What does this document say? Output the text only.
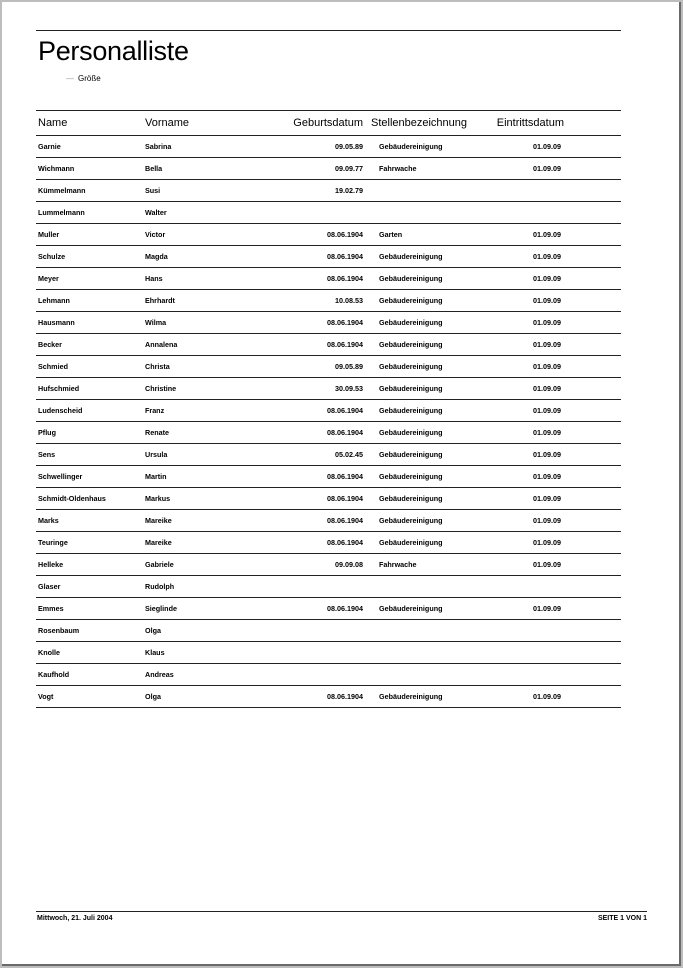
Personalliste
— Größe
Name	Vorname	Geburtsdatum Stellenbezeichnung	Eintrittsdatum
Garnie	Sabrina	09.05.89	Gebäudereinigung	01.09.09
Wichmann	Bella	09.09.77	Fahrwache	01.09.09
Kümmelmann	Susi	19.02.79
Lummelmann	Walter
Muller	Victor	08.06.1904	Garten	01.09.09
Schulze	Magda	08.06.1904	Gebäudereinigung	01.09.09
Meyer	Hans	08.06.1904	Gebäudereinigung	01.09.09
Lehmann	Ehrhardt	10.08.53	Gebäudereinigung	01.09.09
Hausmann	Wilma	08.06.1904	Gebäudereinigung	01.09.09
Becker	Annalena	08.06.1904	Gebäudereinigung	01.09.09
Schmied	Christa	09.05.89	Gebäudereinigung	01.09.09
Hufschmied	Christine	30.09.53	Gebäudereinigung	01.09.09
Ludenscheid	Franz	08.06.1904	Gebäudereinigung	01.09.09
Pflug	Renate	08.06.1904	Gebäudereinigung	01.09.09
Sens	Ursula	05.02.45	Gebäudereinigung	01.09.09
Schwellinger	Martin	08.06.1904	Gebäudereinigung	01.09.09
Schmidt-Oldenhaus	Markus	08.06.1904	Gebäudereinigung	01.09.09
Marks	Mareike	08.06.1904	Gebäudereinigung	01.09.09
Teuringe	Mareike	08.06.1904	Gebäudereinigung	01.09.09
Helleke	Gabriele	09.09.08	Fahrwache	01.09.09
Glaser	Rudolph
Emmes	Sieglinde	08.06.1904	Gebäudereinigung	01.09.09
Rosenbaum	Olga
Knolle	Klaus
Kaufhold	Andreas
Vogt	Olga	08.06.1904	Gebäudereinigung	01.09.09
Mittwoch, 21. Juli 2004	SEITE 1 VON 1
